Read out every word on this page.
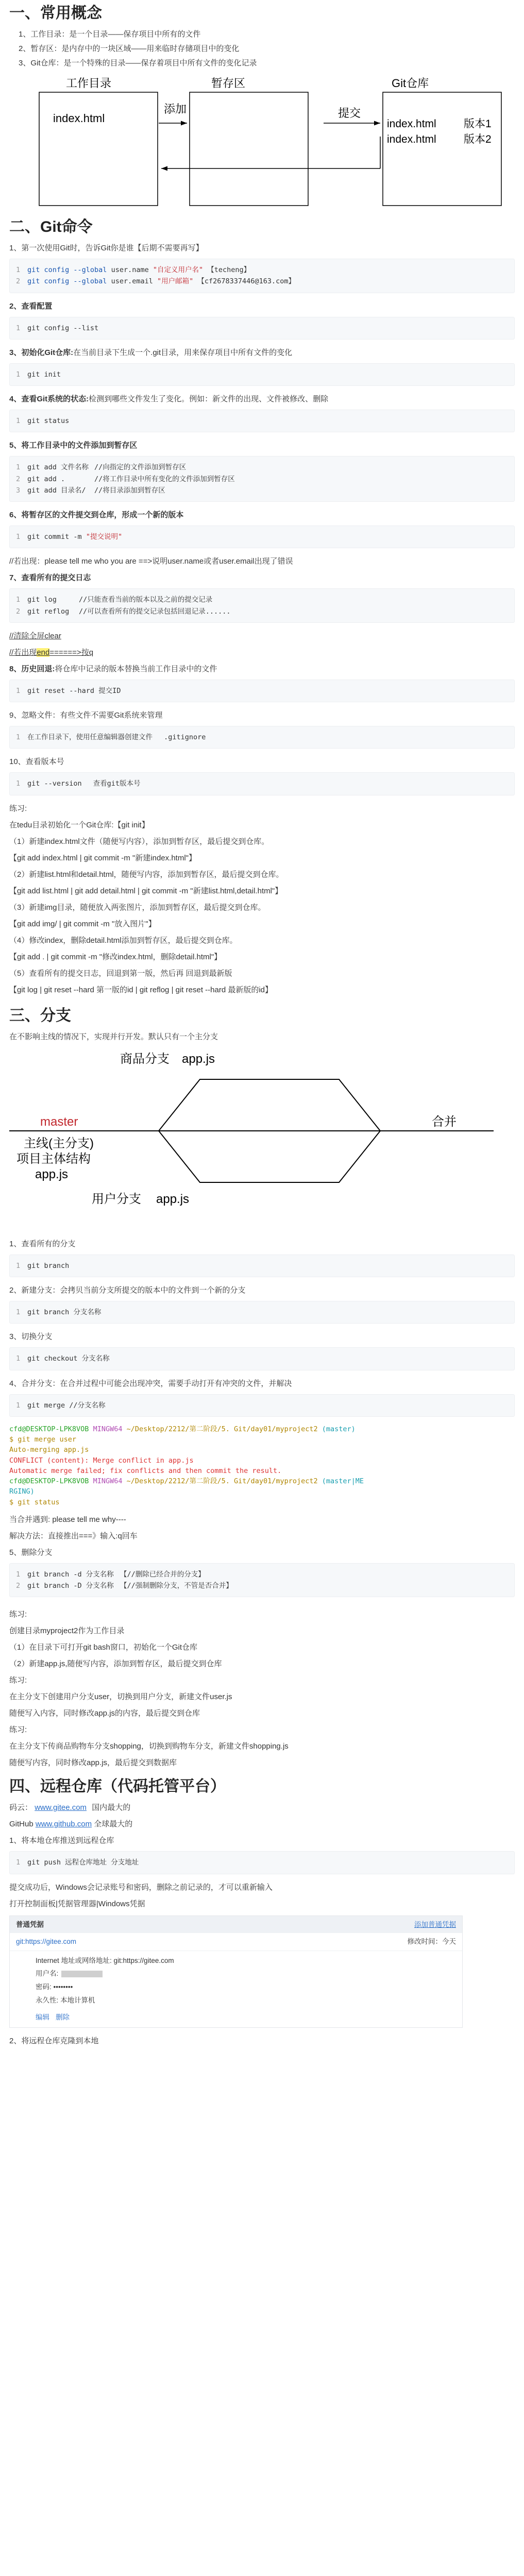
一、常用概念
1、工作目录：是一个目录——保存项目中所有的文件
2、暂存区：是内存中的一块区域——用来临时存储项目中的变化
3、Git仓库：是一个特殊的目录——保存着项目中所有文件的变化记录
工作目录
index.html
暂存区	Git仓库
添加	提交
index.html	版本1
index.html	版本2
二、Git命令

1、第一次使用Git时，告诉Git你是谁【后期不需要再写】

1 git config --global user.name "自定义用户名" 【techeng】
2 git config --global user.email "用户邮箱" 【cf2678337446@163.com】

2、查看配置

1 git config --list

3、初始化Git仓库:在当前目录下生成一个.git目录，用来保存项目中所有文件的变化

1 git init

4、查看Git系统的状态:检测到哪些文件发生了变化。例如：新文件的出现、文件被修改、删除

1 git status

5、将工作目录中的文件添加到暂存区

1 git add 文件名称 //向指定的文件添加到暂存区
2 git add .	//将工作目录中所有变化的文件添加到暂存区
3 git add 目录名/ //将目录添加到暂存区

6、将暂存区的文件提交到仓库，形成一个新的版本

1 git commit -m "提交说明"

//若出现：please tell me who you are ==>说明user.name或者user.email出现了错误

7、查看所有的提交日志

1 git log	//只能查看当前的版本以及之前的提交记录
2 git reflog //可以查看所有的提交记录包括回退记录......

//清除全屏clear

//若出现end======>按q

8、历史回退:将仓库中记录的版本替换当前工作目录中的文件

1 git reset --hard 提交ID

9、忽略文件：有些文件不需要Git系统来管理

1 在工作目录下，使用任意编辑器创建文件 .gitignore

10、查看版本号

1 git --version 查看git版本号

练习:

在tedu目录初始化一个Git仓库:【git init】

（1）新建index.html文件（随便写内容），添加到暂存区，最后提交到仓库。

【git add index.html | git commit -m "新建index.html"】

（2）新建list.html和detail.html，随便写内容，添加到暂存区，最后提交到仓库。

【git add list.html | git add detail.html | git commit -m "新建list.html,detail.html"】

（3）新建img目录，随便放入两张图片，添加到暂存区，最后提交到仓库。

【git add img/ | git commit -m "放入图片"】

（4）修改index，删除detail.html添加到暂存区，最后提交到仓库。

【git add . | git commit -m "修改index.html，删除detail.html"】

（5）查看所有的提交日志，回退到第一版，然后再 回退到最新版

【git log | git reset --hard 第一版的id | git reflog | git reset --hard 最新版的id】

三、分支

在不影响主线的情况下，实现并行开发。默认只有一个主分支

商品分支 app.js
master	合并
主线(主分支)
项目主体结构
app.js
用户分支 app.js

1、查看所有的分支

1 git branch

2、新建分支：会拷贝当前分支所提交的版本中的文件到一个新的分支

1 git branch 分支名称

3、切换分支

1 git checkout 分支名称

4、合并分支：在合并过程中可能会出现冲突，需要手动打开有冲突的文件，并解决

1 git merge //分支名称
cfd@DESKTOP-LPK8VOB MINGW64 ~/Desktop/2212/第二阶段/5. Git/day01/myproject2 (master)
$ git merge user
Auto-merging app.js
CONFLICT (content): Merge conflict in app.js
Automatic merge failed; fix conflicts and then commit the result.
cfd@DESKTOP-LPK8VOB MINGW64 ~/Desktop/2212/第二阶段/5. Git/day01/myproject2 (master|ME
RGING)
$ git status

当合并遇到: please tell me why----

解决方法：直接推出===》输入:q回车

5、删除分支

1 git branch -d 分支名称 【//删除已经合并的分支】
2 git branch -D 分支名称 【//强制删除分支，不管是否合并】

练习:

创建目录myproject2作为工作目录

（1）在目录下可打开git bash窗口，初始化一个Git仓库

（2）新建app.js,随便写内容，添加到暂存区，最后提交到仓库

练习:

在主分支下创建用户分支user，切换到用户分支，新建文件user.js

随便写入内容，同时修改app.js的内容，最后提交到仓库

练习:

在主分支下传商品购物车分支shopping，切换到购物车分支，新建文件shopping.js

随便写内容，同时修改app.js，最后提交到数据库

四、远程仓库（代码托管平台）

码云： www.gitee.com 国内最大的

GitHub www.github.com 全球最大的

1、将本地仓库推送到远程仓库

1 git push 远程仓库地址 分支地址

提交成功后，Windows会记录账号和密码，删除之前记录的，才可以重新输入

打开控制面板|凭据管理器|Windows凭据

普通凭据	添加普通凭据
git:https://gitee.com	修改时间：今天
Internet 地址或网络地址: git:https://gitee.com
用户名:
密码: ••••••••
永久性: 本地计算机
编辑 删除

2、将远程仓库克隆到本地
